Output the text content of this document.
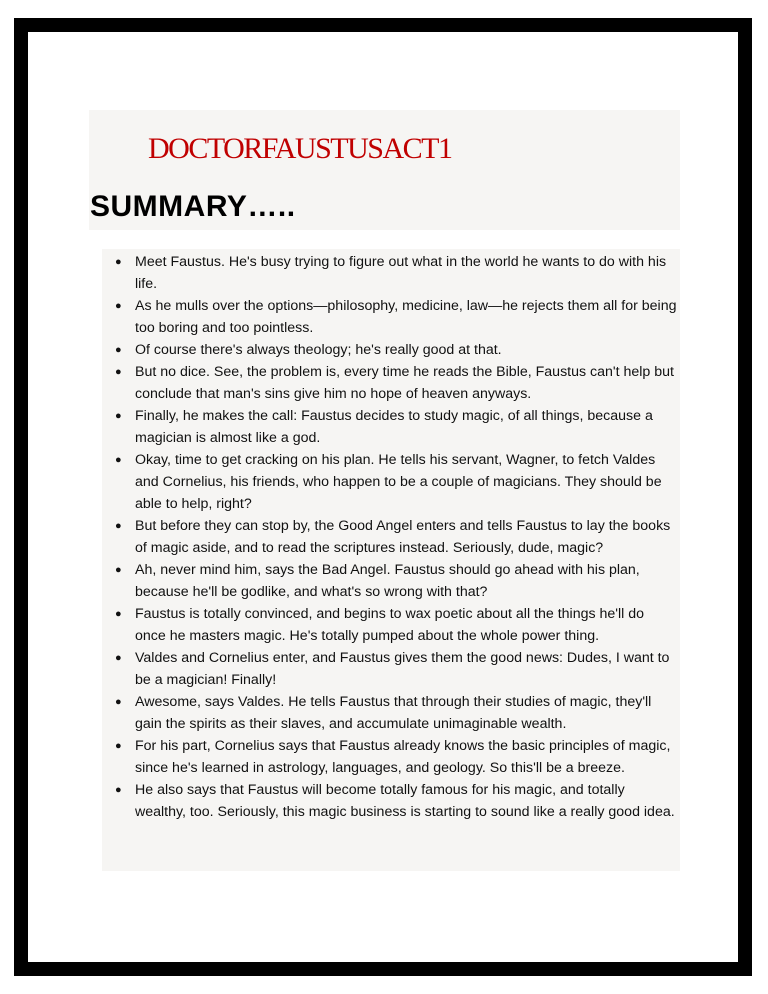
DOCTORFAUSTUSACT1
SUMMARY…..
● Meet Faustus. He's busy trying to figure out what in the world he wants to do with his life.
● As he mulls over the options—philosophy, medicine, law—he rejects them all for being too boring and too pointless.
● Of course there's always theology; he's really good at that.
● But no dice. See, the problem is, every time he reads the Bible, Faustus can't help but conclude that man's sins give him no hope of heaven anyways.
● Finally, he makes the call: Faustus decides to study magic, of all things, because a magician is almost like a god.
● Okay, time to get cracking on his plan. He tells his servant, Wagner, to fetch Valdes and Cornelius, his friends, who happen to be a couple of magicians. They should be able to help, right?
● But before they can stop by, the Good Angel enters and tells Faustus to lay the books of magic aside, and to read the scriptures instead. Seriously, dude, magic?
● Ah, never mind him, says the Bad Angel. Faustus should go ahead with his plan, because he'll be godlike, and what's so wrong with that?
● Faustus is totally convinced, and begins to wax poetic about all the things he'll do once he masters magic. He's totally pumped about the whole power thing.
● Valdes and Cornelius enter, and Faustus gives them the good news: Dudes, I want to be a magician! Finally!
● Awesome, says Valdes. He tells Faustus that through their studies of magic, they'll gain the spirits as their slaves, and accumulate unimaginable wealth.
● For his part, Cornelius says that Faustus already knows the basic principles of magic, since he's learned in astrology, languages, and geology. So this'll be a breeze.
● He also says that Faustus will become totally famous for his magic, and totally wealthy, too. Seriously, this magic business is starting to sound like a really good idea.
